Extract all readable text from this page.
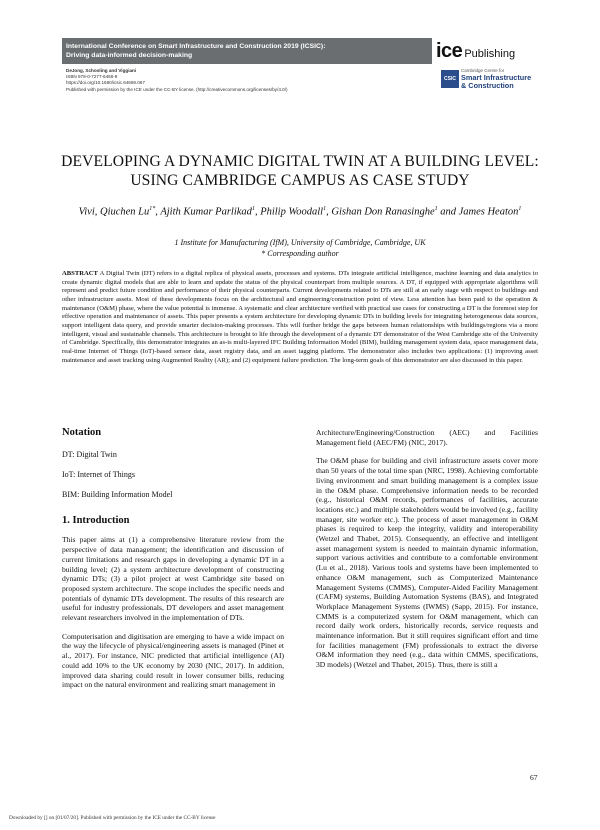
International Conference on Smart Infrastructure and Construction 2019 (ICSIC):
Driving data-informed decision-making
DeJong, Schooling and Viggiani
ISBN 978-0-7277-6466-9
https://doi.org/10.1680/icsic.64669.067
Published with permission by the ICE under the CC-BY license. (http://creativecommons.org/licenses/by/4.0/)
ice Publishing
CSIC
Cambridge Centre for
Smart Infrastructure
& Construction
DEVELOPING A DYNAMIC DIGITAL TWIN AT A BUILDING LEVEL: USING CAMBRIDGE CAMPUS AS CASE STUDY
Vivi, Qiuchen $Lu^{1*}$, Ajith Kumar Parlikad$^1$, Philip Woodall$^1$, Gishan Don Ranasinghe$^1$ and James Heaton$^1$
1 Institute for Manufacturing (IfM), University of Cambridge, Cambridge, UK
* Corresponding author
ABSTRACT A Digital Twin (DT) refers to a digital replica of physical assets, processes and systems. DTs integrate artificial intelligence, machine learning and data analytics to create dynamic digital models that are able to learn and update the status of the physical counterpart from multiple sources. A DT, if equipped with appropriate algorithms will represent and predict future condition and performance of their physical counterparts. Current developments related to DTs are still at an early stage with respect to buildings and other infrastructure assets. Most of these developments focus on the architectural and engineering/construction point of view. Less attention has been paid to the operation & maintenance (O&M) phase, where the value potential is immense. A systematic and clear architecture verified with practical use cases for constructing a DT is the foremost step for effective operation and maintenance of assets. This paper presents a system architecture for developing dynamic DTs in building levels for integrating heterogeneous data sources, support intelligent data query, and provide smarter decision-making processes. This will further bridge the gaps between human relationships with buildings/regions via a more intelligent, visual and sustainable channels. This architecture is brought to life through the development of a dynamic DT demonstrator of the West Cambridge site of the University of Cambridge. Specifically, this demonstrator integrates an as-is multi-layered IFC Building Information Model (BIM), building management system data, space management data, real-time Internet of Things (IoT)-based sensor data, asset registry data, and an asset tagging platform. The demonstrator also includes two applications: (1) improving asset maintenance and asset tracking using Augmented Reality (AR); and (2) equipment failure prediction. The long-term goals of this demonstrator are also discussed in this paper.
Notation
DT: Digital Twin
IoT: Internet of Things
BIM: Building Information Model
1. Introduction

This paper aims at (1) a comprehensive literature review from the perspective of data management; the identification and discussion of current limitations and research gaps in developing a dynamic DT in a building level; (2) a system architecture development of constructing dynamic DTs; (3) a pilot project at west Cambridge site based on proposed system architecture. The scope includes the specific needs and potentials of dynamic DTs development. The results of this research are useful for industry professionals, DT developers and asset management relevant researchers involved in the implementation of DTs.

Computerisation and digitisation are emerging to have a wide impact on the way the lifecycle of physical/engineering assets is managed (Pinet et al., 2017). For instance, NIC predicted that artificial intelligence (AI) could add 10% to the UK economy by 2030 (NIC, 2017). In addition, improved data sharing could result in lower consumer bills, reducing impact on the natural environment and realizing smart management in

Architecture/Engineering/Construction (AEC) and Facilities Management field (AEC/FM) (NIC, 2017).

The O&M phase for building and civil infrastructure assets cover more than 50 years of the total time span (NRC, 1998). Achieving comfortable living environment and smart building management is a complex issue in the O&M phase. Comprehensive information needs to be recorded (e.g., historical O&M records, performances of facilities, accurate locations etc.) and multiple stakeholders would be involved (e.g., facility manager, site worker etc.). The process of asset management in O&M phases is required to keep the integrity, validity and interoperability (Wetzel and Thabet, 2015). Consequently, an effective and intelligent asset management system is needed to maintain dynamic information, support various activities and contribute to a comfortable environment (Lu et al., 2018). Various tools and systems have been implemented to enhance O&M management, such as Computerized Maintenance Management Systems (CMMS), Computer-Aided Facility Management (CAFM) systems, Building Automation Systems (BAS), and Integrated Workplace Management Systems (IWMS) (Sapp, 2015). For instance, CMMS is a computerized system for O&M management, which can record daily work orders, historically records, service requests and maintenance information. But it still requires significant effort and time for facilities management (FM) professionals to extract the diverse O&M information they need (e.g., data within CMMS, specifications, 3D models) (Wetzel and Thabet, 2015). Thus, there is still a

67
Downloaded by [] on [01/07/20]. Published with permission by the ICE under the CC-BY license
